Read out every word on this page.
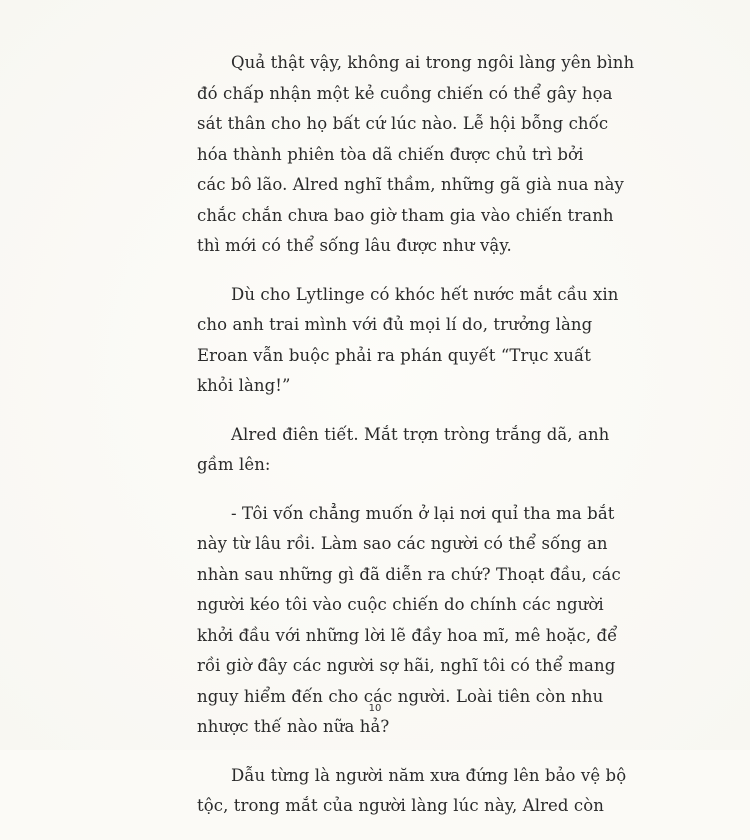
Quả thật vậy, không ai trong ngôi làng yên bình
đó chấp nhận một kẻ cuồng chiến có thể gây họa
sát thân cho họ bất cứ lúc nào. Lễ hội bỗng chốc
hóa thành phiên tòa dã chiến được chủ trì bởi
các bô lão. Alred nghĩ thầm, những gã già nua này
chắc chắn chưa bao giờ tham gia vào chiến tranh
thì mới có thể sống lâu được như vậy.

Dù cho Lytlinge có khóc hết nước mắt cầu xin
cho anh trai mình với đủ mọi lí do, trưởng làng
Eroan vẫn buộc phải ra phán quyết “Trục xuất
khỏi làng!”

Alred điên tiết. Mắt trợn tròng trắng dã, anh
gầm lên:

- Tôi vốn chẳng muốn ở lại nơi quỉ tha ma bắt
này từ lâu rồi. Làm sao các người có thể sống an
nhàn sau những gì đã diễn ra chứ? Thoạt đầu, các
người kéo tôi vào cuộc chiến do chính các người
khởi đầu với những lời lẽ đầy hoa mĩ, mê hoặc, để
rồi giờ đây các người sợ hãi, nghĩ tôi có thể mang
nguy hiểm đến cho các người. Loài tiên còn nhu
nhược thế nào nữa hả?

Dẫu từng là người năm xưa đứng lên bảo vệ bộ
tộc, trong mắt của người làng lúc này, Alred còn

10
